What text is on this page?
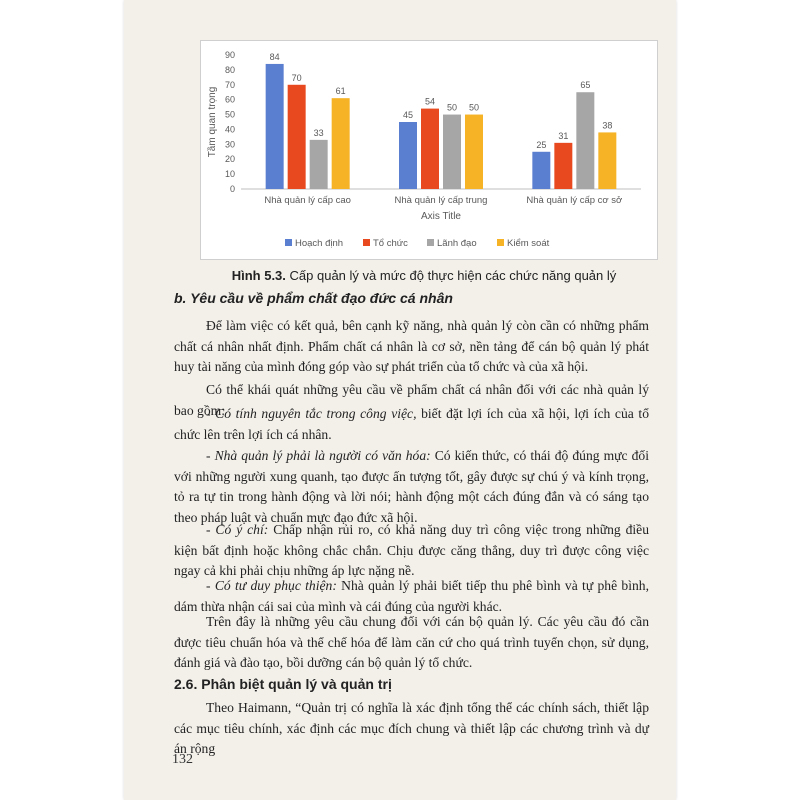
0
10
20
30
40
50
60
70
80
90
Tầm quan trọng
84
70
33
61
Nhà quản lý cấp cao
45
54
50 50
Nhà quản lý cấp trung
25
31
65
38
Nhà quản lý cấp cơ sở
Axis Title
Hoạch định	Tổ chức	Lãnh đạo	Kiểm soát
Hình 5.3. Cấp quản lý và mức độ thực hiện các chức năng quản lý
b. Yêu cầu về phẩm chất đạo đức cá nhân
Để làm việc có kết quả, bên cạnh kỹ năng, nhà quản lý còn cần có những phẩm chất cá nhân nhất định. Phẩm chất cá nhân là cơ sở, nền tảng để cán bộ quản lý phát huy tài năng của mình đóng góp vào sự phát triển của tổ chức và của xã hội.
Có thể khái quát những yêu cầu về phẩm chất cá nhân đối với các nhà quản lý bao gồm:
- Có tính nguyên tắc trong công việc, biết đặt lợi ích của xã hội, lợi ích của tổ chức lên trên lợi ích cá nhân.
- Nhà quản lý phải là người có văn hóa: Có kiến thức, có thái độ đúng mực đối với những người xung quanh, tạo được ấn tượng tốt, gây được sự chú ý và kính trọng, tỏ ra tự tin trong hành động và lời nói; hành động một cách đúng đắn và có sáng tạo theo pháp luật và chuẩn mực đạo đức xã hội.
- Có ý chí: Chấp nhận rủi ro, có khả năng duy trì công việc trong những điều kiện bất định hoặc không chắc chắn. Chịu được căng thẳng, duy trì được công việc ngay cả khi phải chịu những áp lực nặng nề.
- Có tư duy phục thiện: Nhà quản lý phải biết tiếp thu phê bình và tự phê bình, dám thừa nhận cái sai của mình và cái đúng của người khác.
Trên đây là những yêu cầu chung đối với cán bộ quản lý. Các yêu cầu đó cần được tiêu chuẩn hóa và thể chế hóa để làm căn cứ cho quá trình tuyển chọn, sử dụng, đánh giá và đào tạo, bồi dưỡng cán bộ quản lý tổ chức.
2.6. Phân biệt quản lý và quản trị
Theo Haimann, “Quản trị có nghĩa là xác định tổng thể các chính sách, thiết lập các mục tiêu chính, xác định các mục đích chung và thiết lập các chương trình và dự án rộng
132
